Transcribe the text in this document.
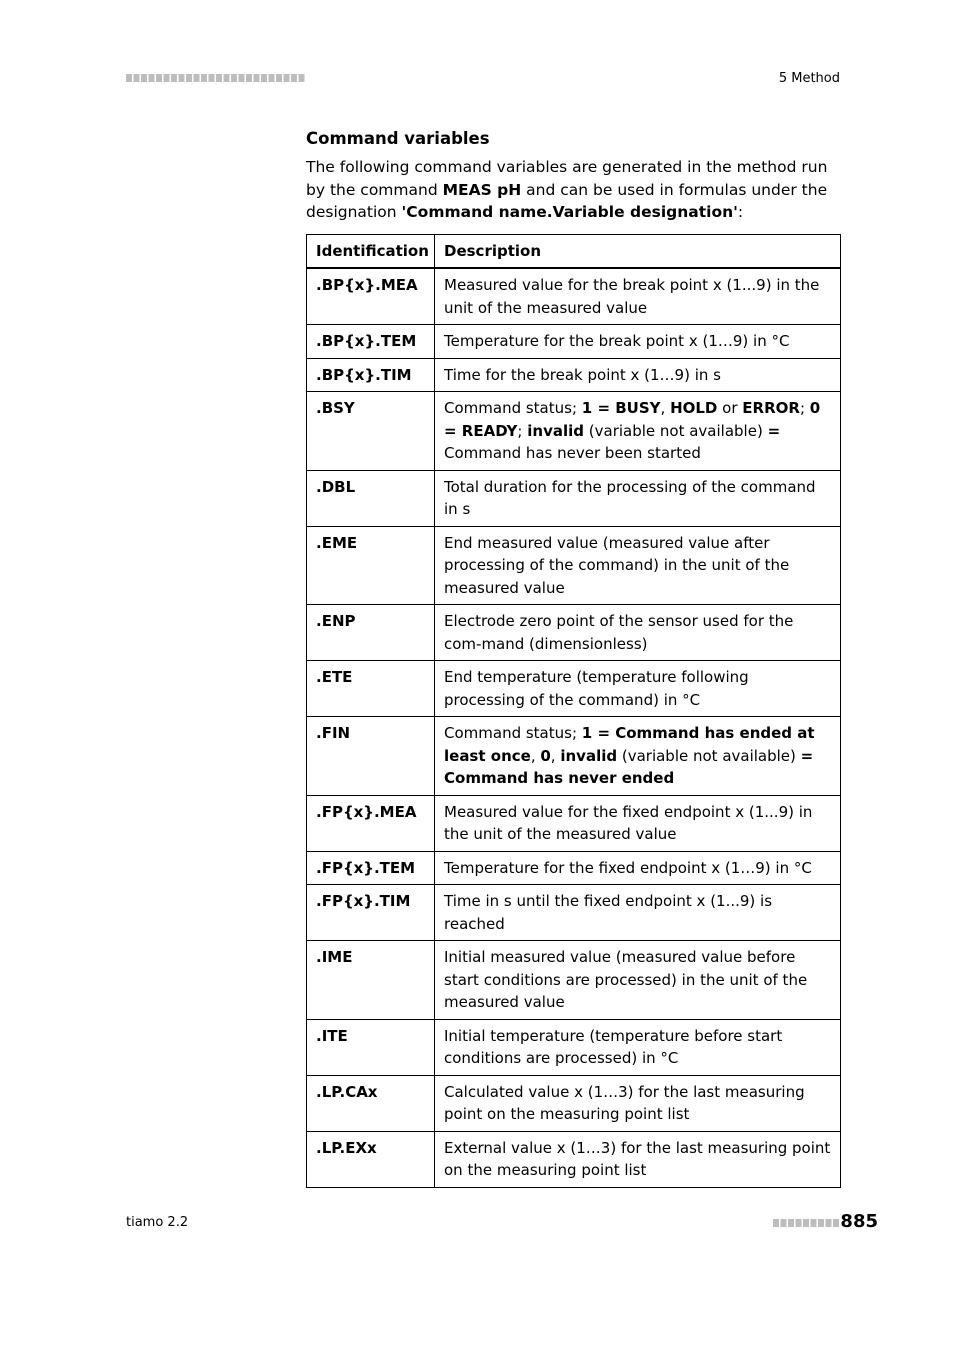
5 Method
Command variables

The following command variables are generated in the method run by the command MEAS pH and can be used in formulas under the designation 'Command name.Variable designation':

Identification	Description
.BP{x}.MEA	Measured value for the break point x (1...9) in the unit of the measured value
.BP{x}.TEM	Temperature for the break point x (1…9) in °C
.BP{x}.TIM	Time for the break point x (1…9) in s
.BSY	Command status; 1 = BUSY, HOLD or ERROR; 0 = READY; invalid (variable not available) = Command has never been started
.DBL	Total duration for the processing of the command in s
.EME	End measured value (measured value after processing of the command) in the unit of the measured value
.ENP	Electrode zero point of the sensor used for the com-mand (dimensionless)
.ETE	End temperature (temperature following processing of the command) in °C
.FIN	Command status; 1 = Command has ended at least once, 0, invalid (variable not available) = Command has never ended
.FP{x}.MEA	Measured value for the fixed endpoint x (1...9) in the unit of the measured value
.FP{x}.TEM	Temperature for the fixed endpoint x (1…9) in °C
.FP{x}.TIM	Time in s until the fixed endpoint x (1...9) is reached
.IME	Initial measured value (measured value before start conditions are processed) in the unit of the measured value
.ITE	Initial temperature (temperature before start conditions are processed) in °C
.LP.CAx	Calculated value x (1…3) for the last measuring point on the measuring point list
.LP.EXx	External value x (1…3) for the last measuring point on the measuring point list
tiamo 2.2	885
